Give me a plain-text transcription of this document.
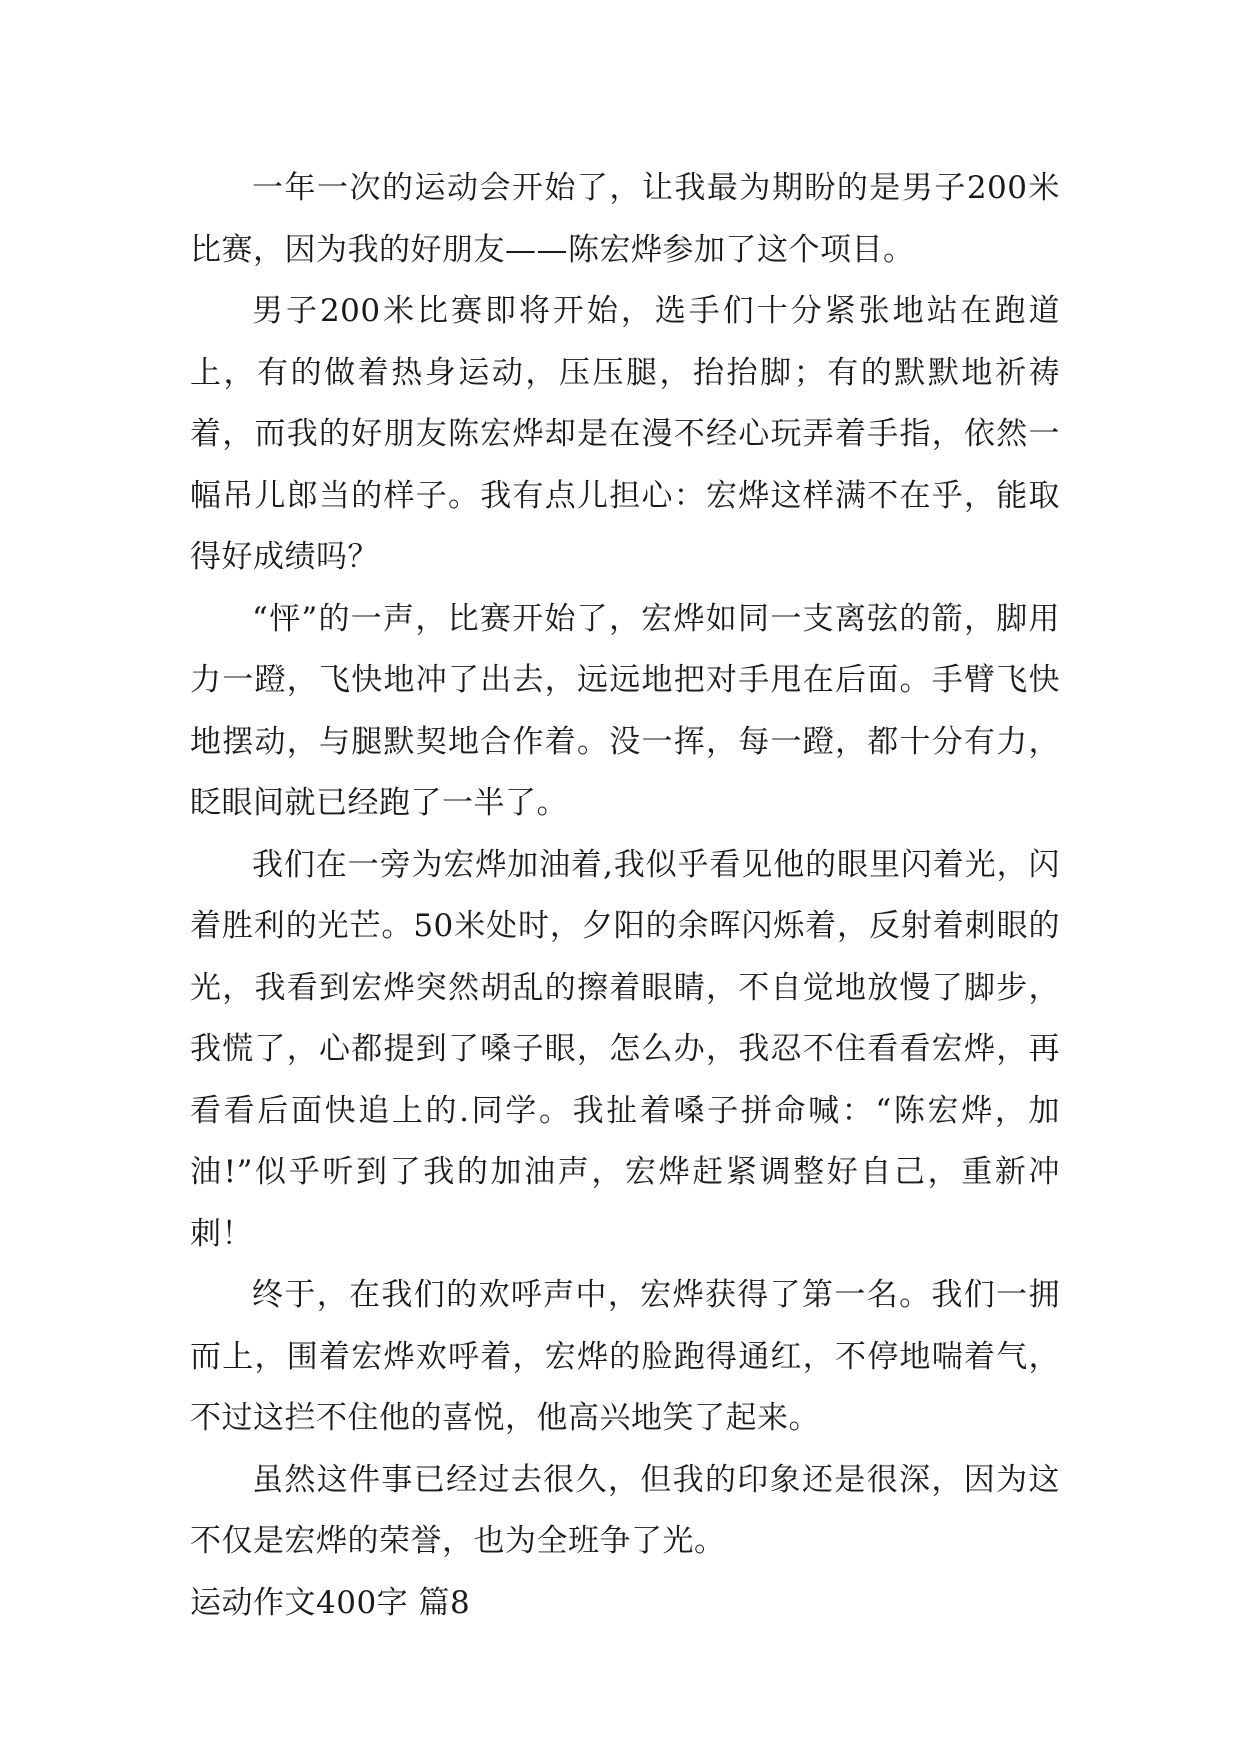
一年一次的运动会开始了，让我最为期盼的是男子200米比赛，因为我的好朋友——陈宏烨参加了这个项目。

男子200米比赛即将开始，选手们十分紧张地站在跑道上，有的做着热身运动，压压腿，抬抬脚；有的默默地祈祷着，而我的好朋友陈宏烨却是在漫不经心玩弄着手指，依然一幅吊儿郎当的样子。我有点儿担心：宏烨这样满不在乎，能取得好成绩吗？

“怦”的一声，比赛开始了，宏烨如同一支离弦的箭，脚用力一蹬，飞快地冲了出去，远远地把对手甩在后面。手臂飞快地摆动，与腿默契地合作着。没一挥，每一蹬，都十分有力，眨眼间就已经跑了一半了。

我们在一旁为宏烨加油着,我似乎看见他的眼里闪着光，闪着胜利的光芒。50米处时，夕阳的余晖闪烁着，反射着刺眼的光，我看到宏烨突然胡乱的擦着眼睛，不自觉地放慢了脚步，我慌了，心都提到了嗓子眼，怎么办，我忍不住看看宏烨，再看看后面快追上的.同学。我扯着嗓子拼命喊：“陈宏烨，加油!”似乎听到了我的加油声，宏烨赶紧调整好自己，重新冲刺！

终于，在我们的欢呼声中，宏烨获得了第一名。我们一拥而上，围着宏烨欢呼着，宏烨的脸跑得通红，不停地喘着气，不过这拦不住他的喜悦，他高兴地笑了起来。

虽然这件事已经过去很久，但我的印象还是很深，因为这不仅是宏烨的荣誉，也为全班争了光。

运动作文400字 篇8
